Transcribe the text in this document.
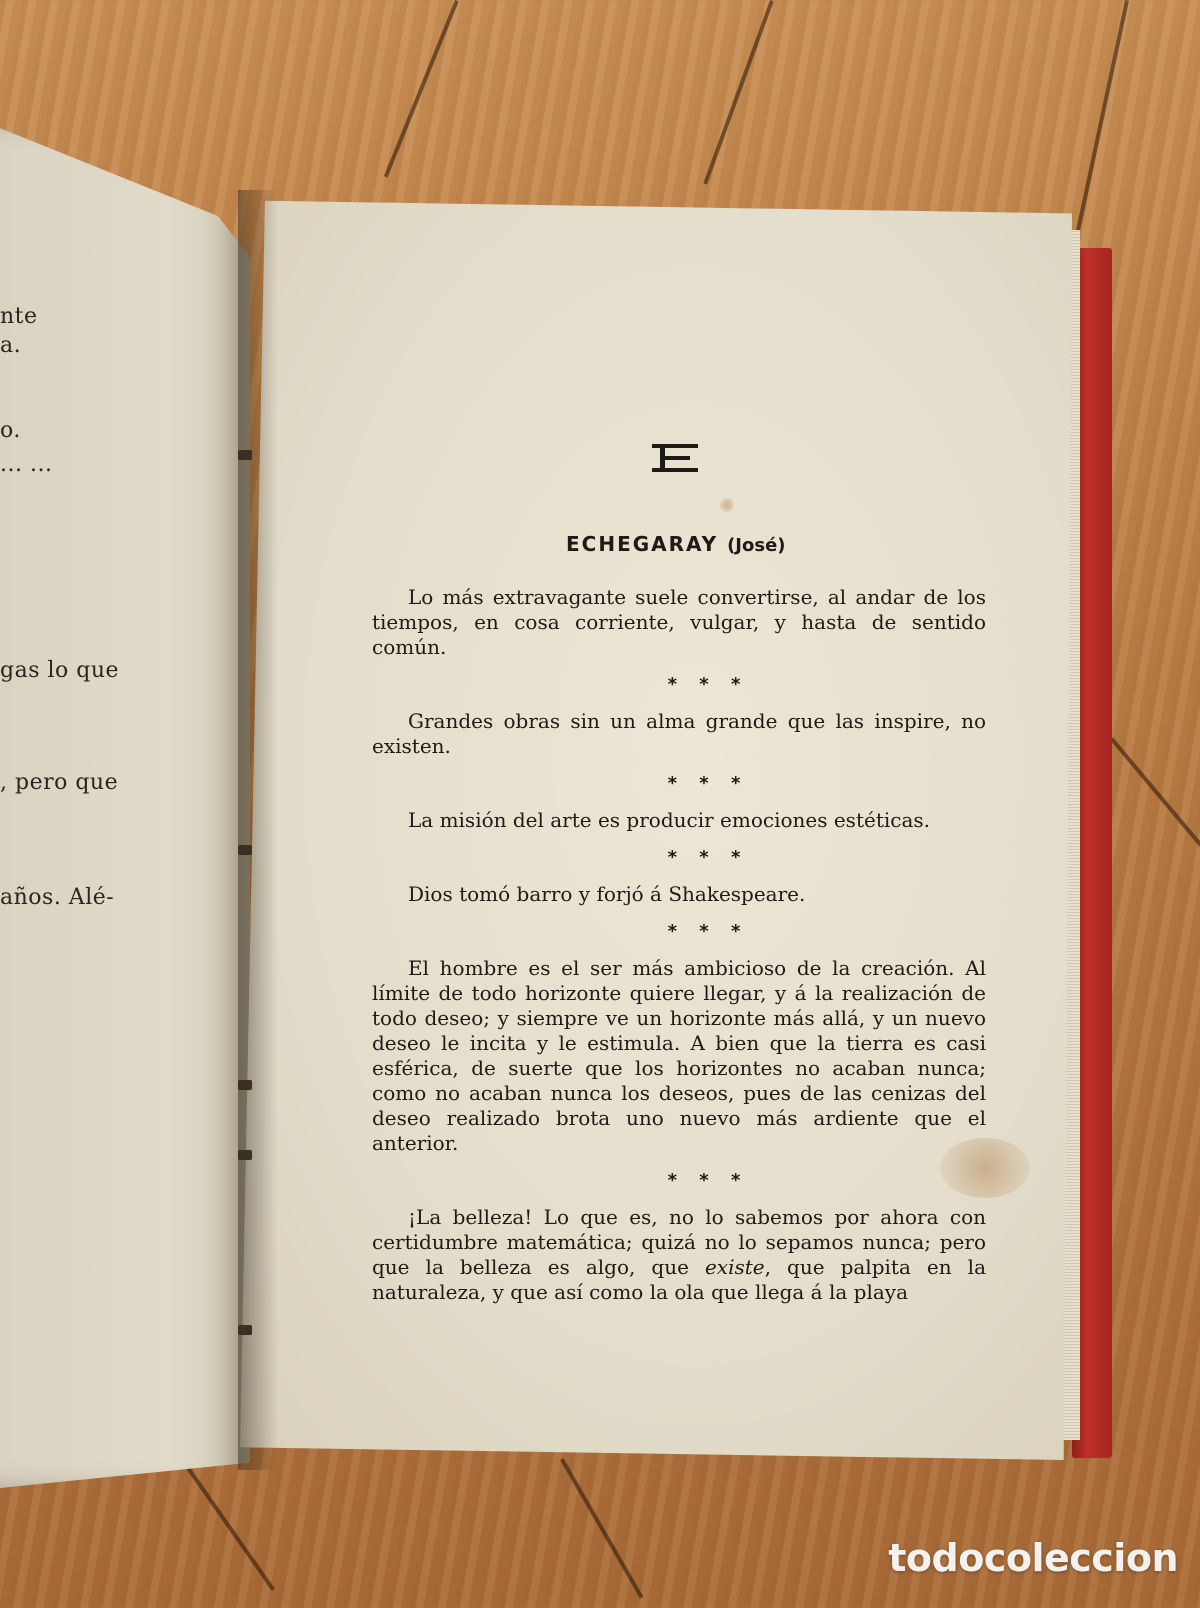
nte
a.
o.
... ...
gas lo que
, pero que
años. Alé-
ECHEGARAY (José)

Lo más extravagante suele convertirse, al andar de los tiempos, en cosa corriente, vulgar, y hasta de sentido común.

* * *

Grandes obras sin un alma grande que las inspire, no existen.

* * *

La misión del arte es producir emociones estéticas.

* * *

Dios tomó barro y forjó á Shakespeare.

* * *

El hombre es el ser más ambicioso de la creación. Al límite de todo horizonte quiere llegar, y á la realización de todo deseo; y siempre ve un horizonte más allá, y un nuevo deseo le incita y le estimula. A bien que la tierra es casi esférica, de suerte que los horizontes no acaban nunca; como no acaban nunca los deseos, pues de las cenizas del deseo realizado brota uno nuevo más ardiente que el anterior.

* * *

¡La belleza! Lo que es, no lo sabemos por ahora con certidumbre matemática; quizá no lo sepamos nunca; pero que la belleza es algo, que existe, que palpita en la naturaleza, y que así como la ola que llega á la playa

todocoleccion
